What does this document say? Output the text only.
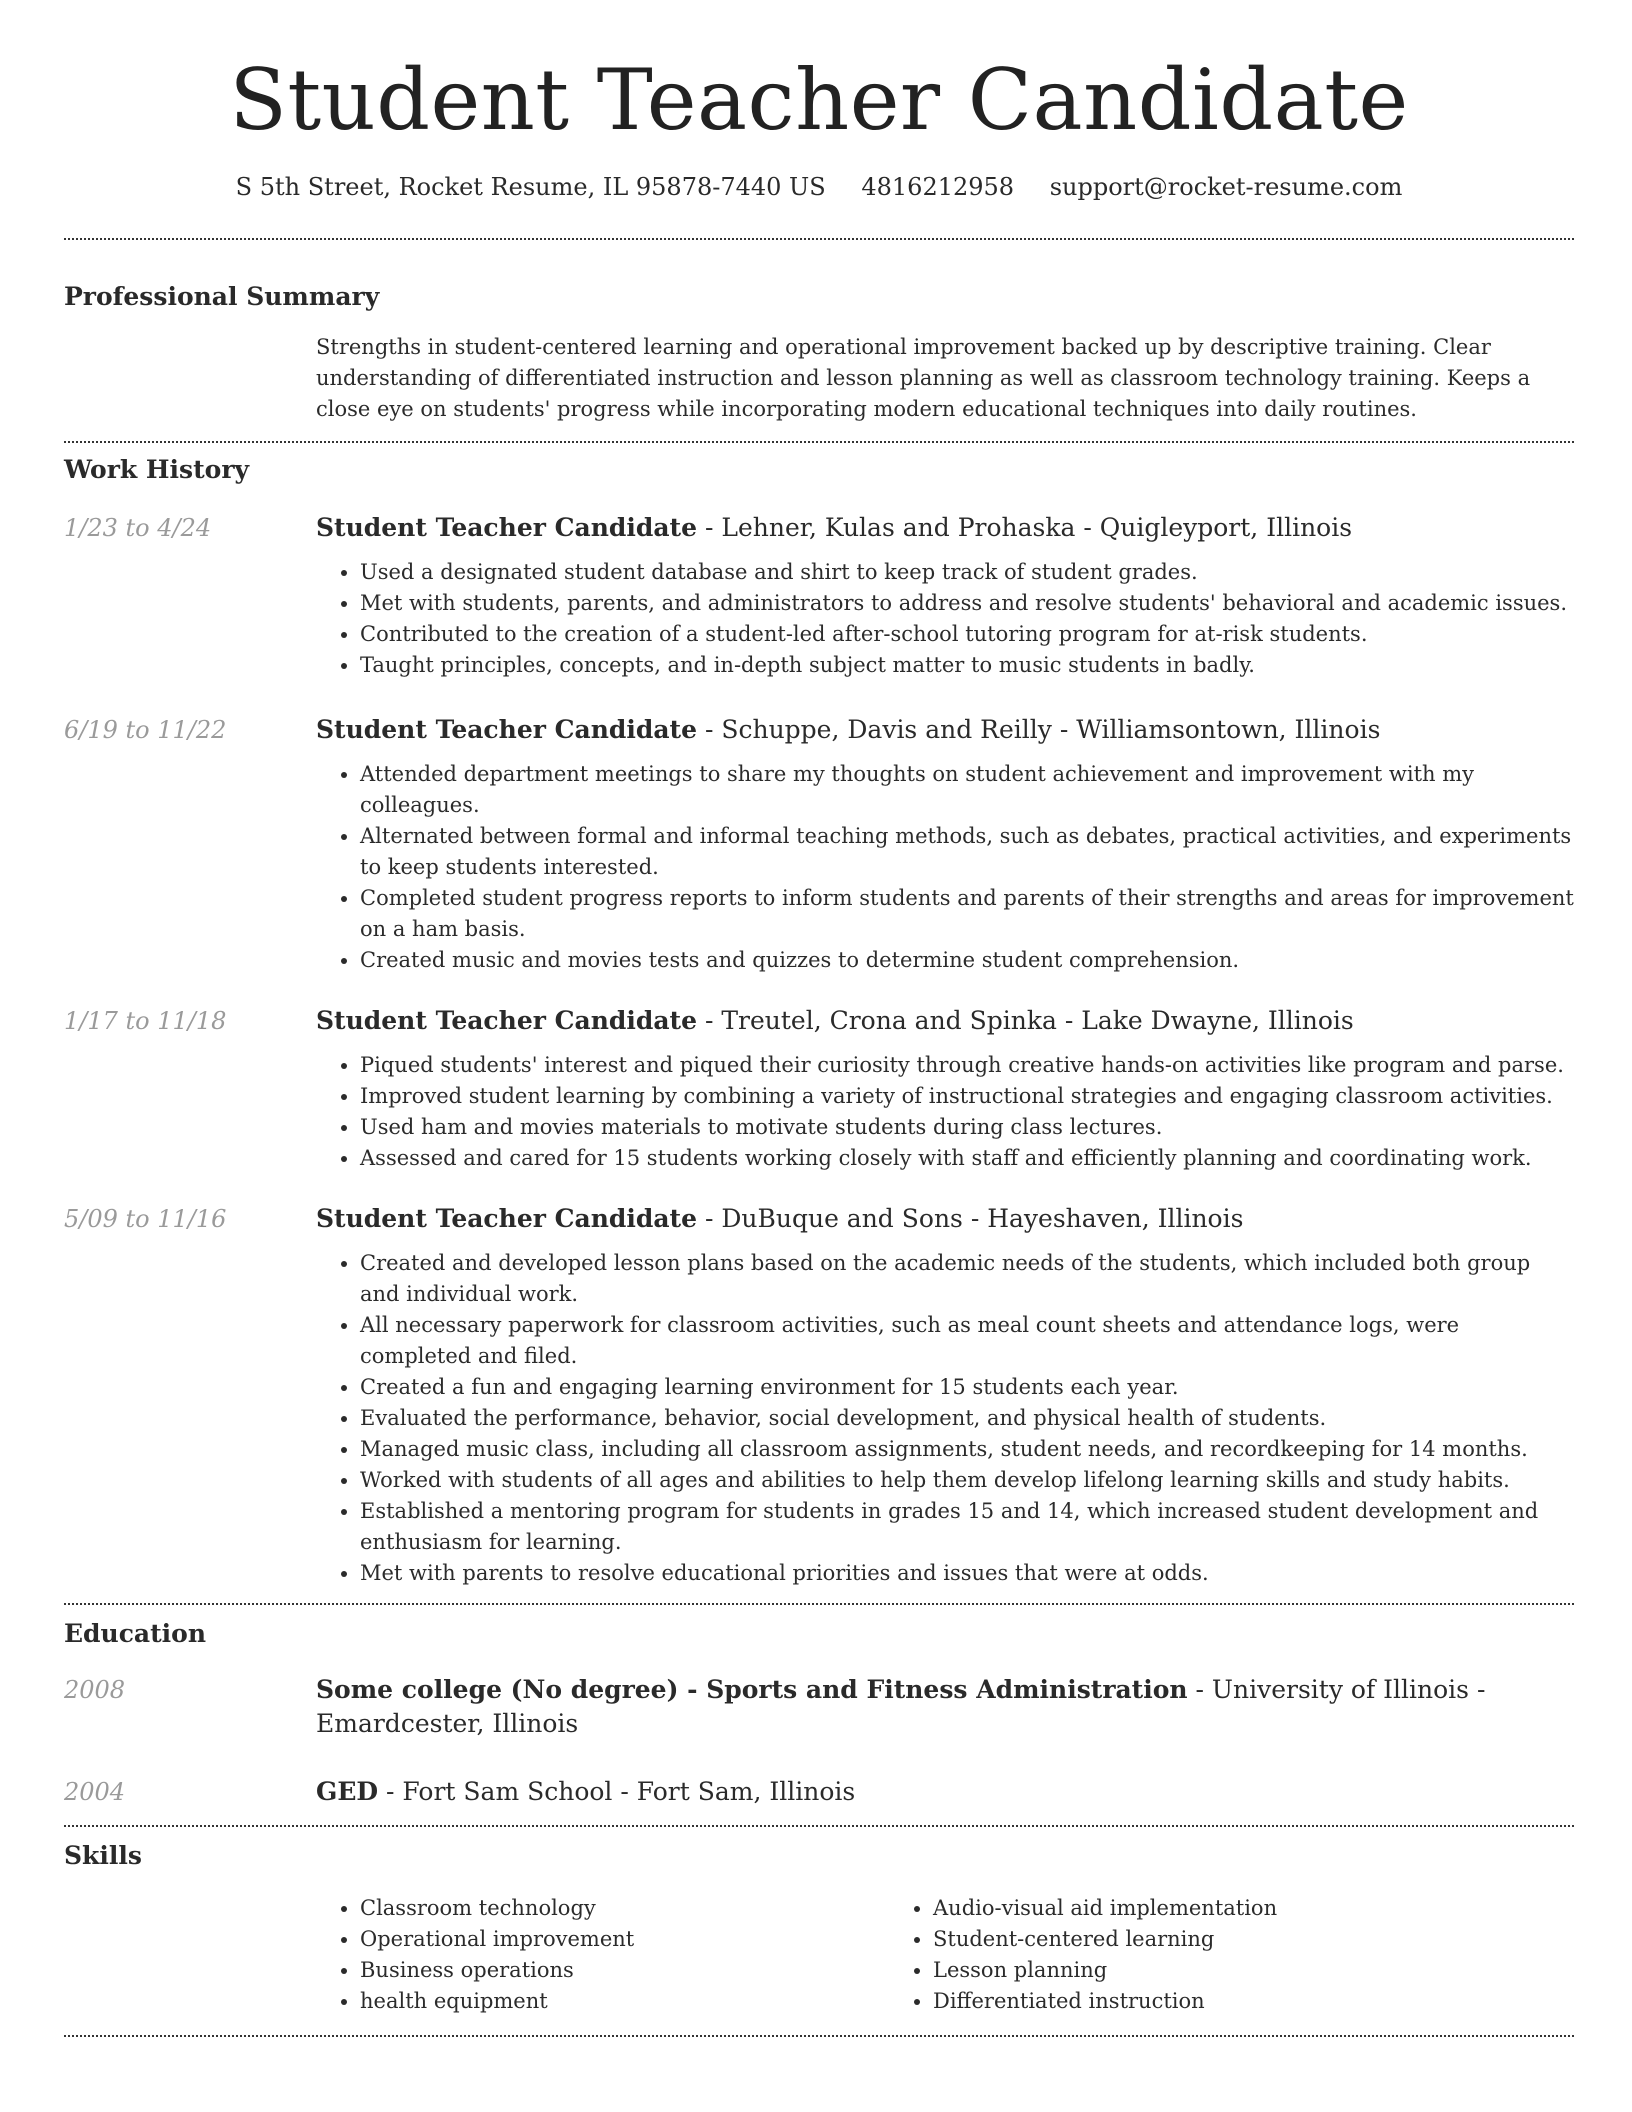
Student Teacher Candidate
S 5th Street, Rocket Resume, IL 95878-7440 US 4816212958 support@rocket-resume.com
Professional Summary

Strengths in student-centered learning and operational improvement backed up by descriptive training. Clear understanding of differentiated instruction and lesson planning as well as classroom technology training. Keeps a close eye on students' progress while incorporating modern educational techniques into daily routines.

Work History
1/23 to 4/24	Student Teacher Candidate - Lehner, Kulas and Prohaska - Quigleyport, Illinois
• Used a designated student database and shirt to keep track of student grades.
• Met with students, parents, and administrators to address and resolve students' behavioral and academic issues.
• Contributed to the creation of a student-led after-school tutoring program for at-risk students.
• Taught principles, concepts, and in-depth subject matter to music students in badly.
6/19 to 11/22	Student Teacher Candidate - Schuppe, Davis and Reilly - Williamsontown, Illinois
• Attended department meetings to share my thoughts on student achievement and improvement with my colleagues.
• Alternated between formal and informal teaching methods, such as debates, practical activities, and experiments to keep students interested.
• Completed student progress reports to inform students and parents of their strengths and areas for improvement on a ham basis.
• Created music and movies tests and quizzes to determine student comprehension.
1/17 to 11/18	Student Teacher Candidate - Treutel, Crona and Spinka - Lake Dwayne, Illinois
• Piqued students' interest and piqued their curiosity through creative hands-on activities like program and parse.
• Improved student learning by combining a variety of instructional strategies and engaging classroom activities.
• Used ham and movies materials to motivate students during class lectures.
• Assessed and cared for 15 students working closely with staff and efficiently planning and coordinating work.
5/09 to 11/16	Student Teacher Candidate - DuBuque and Sons - Hayeshaven, Illinois
• Created and developed lesson plans based on the academic needs of the students, which included both group and individual work.
• All necessary paperwork for classroom activities, such as meal count sheets and attendance logs, were completed and filed.
• Created a fun and engaging learning environment for 15 students each year.
• Evaluated the performance, behavior, social development, and physical health of students.
• Managed music class, including all classroom assignments, student needs, and recordkeeping for 14 months.
• Worked with students of all ages and abilities to help them develop lifelong learning skills and study habits.
• Established a mentoring program for students in grades 15 and 14, which increased student development and enthusiasm for learning.
• Met with parents to resolve educational priorities and issues that were at odds.
Education
2008	Some college (No degree) - Sports and Fitness Administration - University of Illinois - Emardcester, Illinois
2004	GED - Fort Sam School - Fort Sam, Illinois
Skills
• Classroom technology
• Operational improvement
• Business operations
• health equipment
• Audio-visual aid implementation
• Student-centered learning
• Lesson planning
• Differentiated instruction
